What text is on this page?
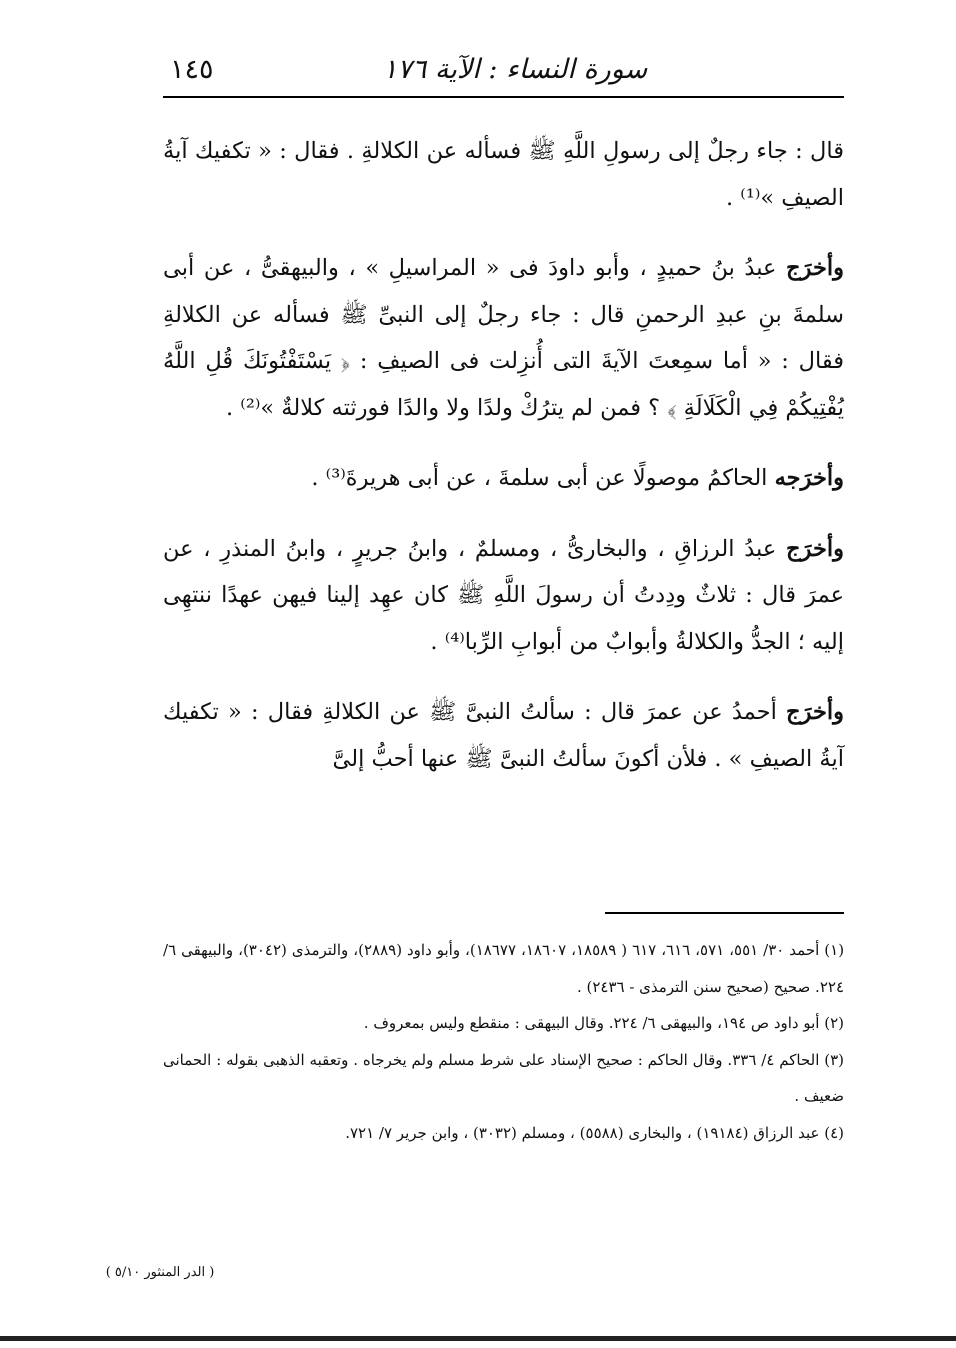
سورة النساء : الآية ١٧٦
١٤٥

قال : جاء رجلٌ إلى رسولِ اللَّهِ ﷺ فسأله عن الكلالةِ . فقال : « تكفيك آيةُ الصيفِ »⁽¹⁾ .

وأخرَج عبدُ بنُ حميدٍ ، وأبو داودَ فى « المراسيلِ » ، والبيهقىُّ ، عن أبى سلمةَ بنِ عبدِ الرحمنِ قال : جاء رجلٌ إلى النبىِّ ﷺ فسأله عن الكلالةِ فقال : « أما سمِعتَ الآيةَ التى أُنزِلت فى الصيفِ : ﴿ يَسْتَفْتُونَكَ قُلِ اللَّهُ يُفْتِيكُمْ فِي الْكَلَالَةِ ﴾ ؟ فمن لم يترُكْ ولدًا ولا والدًا فورثته كلالةٌ »⁽²⁾ .

وأخرَجه الحاكمُ موصولًا عن أبى سلمةَ ، عن أبى هريرةَ⁽³⁾ .

وأخرَج عبدُ الرزاقِ ، والبخارىُّ ، ومسلمٌ ، وابنُ جريرٍ ، وابنُ المنذرِ ، عن عمرَ قال : ثلاثٌ ودِدتُ أن رسولَ اللَّهِ ﷺ كان عهِد إلينا فيهن عهدًا ننتهِى إليه ؛ الجدُّ والكلالةُ وأبوابٌ من أبوابِ الرِّبا⁽⁴⁾ .

وأخرَج أحمدُ عن عمرَ قال : سألتُ النبىَّ ﷺ عن الكلالةِ فقال : « تكفيك آيةُ الصيفِ » . فلأن أكونَ سألتُ النبىَّ ﷺ عنها أحبُّ إلىَّ

(١) أحمد ٣٠/ ٥٥١، ٥٧١، ٦١٦، ٦١٧ ( ١٨٥٨٩، ١٨٦٠٧، ١٨٦٧٧)، وأبو داود (٢٨٨٩)، والترمذى (٣٠٤٢)، والبيهقى ٦/ ٢٢٤. صحيح (صحيح سنن الترمذى - ٢٤٣٦) .

(٢) أبو داود ص ١٩٤، والبيهقى ٦/ ٢٢٤. وقال البيهقى : منقطع وليس بمعروف .

(٣) الحاكم ٤/ ٣٣٦. وقال الحاكم : صحيح الإسناد على شرط مسلم ولم يخرجاه . وتعقبه الذهبى بقوله : الحمانى ضعيف .

(٤) عبد الرزاق (١٩١٨٤) ، والبخارى (٥٥٨٨) ، ومسلم (٣٠٣٢) ، وابن جرير ٧/ ٧٢١.

( الدر المنثور ٥/١٠ )
